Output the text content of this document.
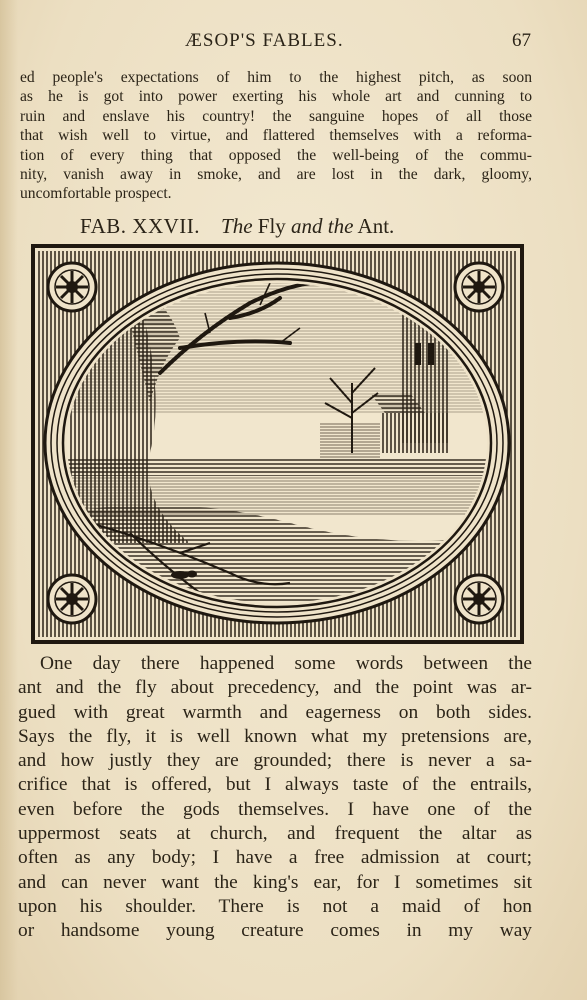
ÆSOP'S FABLES.	67
ed people's expectations of him to the highest pitch, as soon
as he is got into power exerting his whole art and cunning to
ruin and enslave his country! the sanguine hopes of all those
that wish well to virtue, and flattered themselves with a reforma-
tion of every thing that opposed the well-being of the commu-
nity, vanish away in smoke, and are lost in the dark, gloomy,
uncomfortable prospect.
FAB. XXVII. The Fly and the Ant.
One day there happened some words between the
ant and the fly about precedency, and the point was ar-
gued with great warmth and eagerness on both sides.
Says the fly, it is well known what my pretensions are,
and how justly they are grounded; there is never a sa-
crifice that is offered, but I always taste of the entrails,
even before the gods themselves. I have one of the
uppermost seats at church, and frequent the altar as
often as any body; I have a free admission at court;
and can never want the king's ear, for I sometimes sit
upon his shoulder. There is not a maid of hon
or handsome young creature comes in my way
